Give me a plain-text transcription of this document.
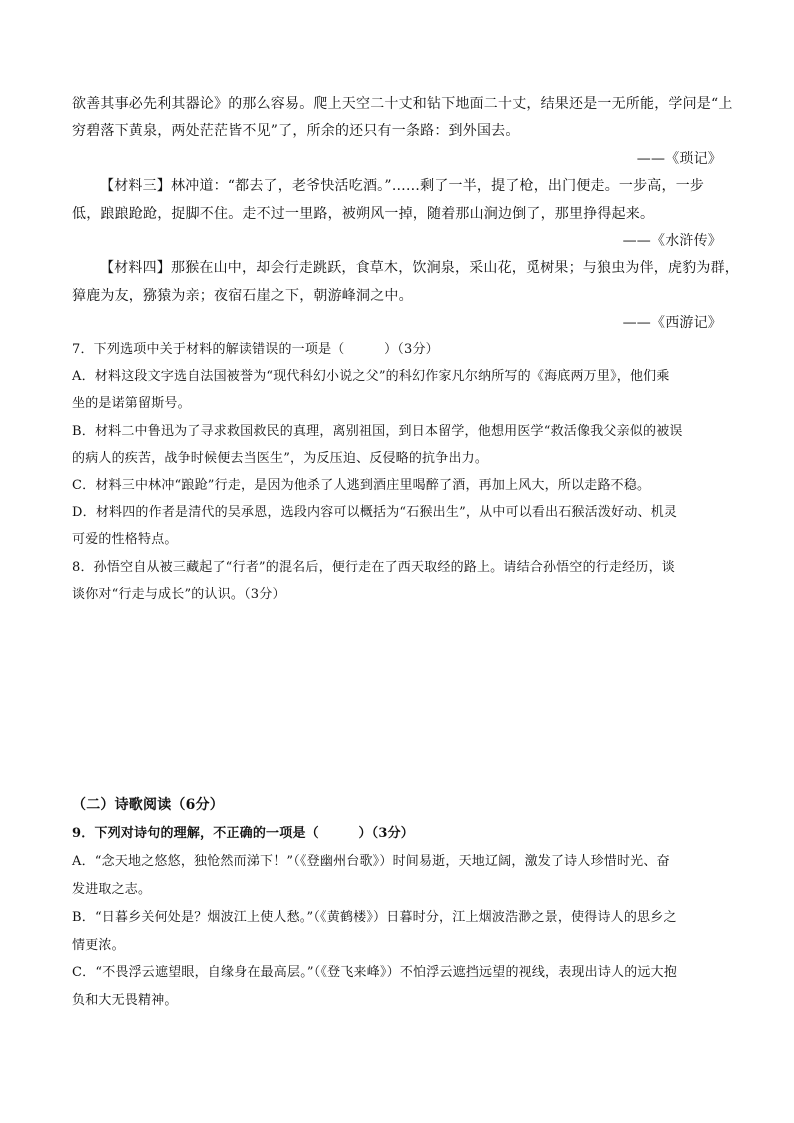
欲善其事必先利其器论》的那么容易。爬上天空二十丈和钻下地面二十丈，结果还是一无所能，学问是“上
穷碧落下黄泉，两处茫茫皆不见”了，所余的还只有一条路：到外国去。
——《琐记》
【材料三】林冲道：“都去了，老爷快活吃酒。”……剩了一半，提了枪，出门便走。一步高，一步
低，踉踉跄跄，捉脚不住。走不过一里路，被朔风一掉，随着那山涧边倒了，那里挣得起来。
——《水浒传》
【材料四】那猴在山中，却会行走跳跃，食草木，饮涧泉，采山花，觅树果；与狼虫为伴，虎豹为群，
獐鹿为友，猕猿为亲；夜宿石崖之下，朝游峰洞之中。
——《西游记》
7．下列选项中关于材料的解读错误的一项是（　　　）（3分）
A．材料这段文字选自法国被誉为“现代科幻小说之父”的科幻作家凡尔纳所写的《海底两万里》，他们乘
坐的是诺第留斯号。
B．材料二中鲁迅为了寻求救国救民的真理，离别祖国，到日本留学，他想用医学“救活像我父亲似的被误
的病人的疾苦，战争时候便去当医生”，为反压迫、反侵略的抗争出力。
C．材料三中林冲“踉跄”行走，是因为他杀了人逃到酒庄里喝醉了酒，再加上风大，所以走路不稳。
D．材料四的作者是清代的吴承恩，选段内容可以概括为“石猴出生”，从中可以看出石猴活泼好动、机灵
可爱的性格特点。
8．孙悟空自从被三藏起了“行者”的混名后，便行走在了西天取经的路上。请结合孙悟空的行走经历，谈
谈你对“行走与成长”的认识。（3分）
（二）诗歌阅读（6分）
9．下列对诗句的理解，不正确的一项是（　　　）（3分）
A．“念天地之悠悠，独怆然而涕下！”（《登幽州台歌》）时间易逝，天地辽阔，激发了诗人珍惜时光、奋
发进取之志。
B．“日暮乡关何处是？烟波江上使人愁。”（《黄鹤楼》）日暮时分，江上烟波浩渺之景，使得诗人的思乡之
情更浓。
C．“不畏浮云遮望眼，自缘身在最高层。”（《登飞来峰》）不怕浮云遮挡远望的视线，表现出诗人的远大抱
负和大无畏精神。
